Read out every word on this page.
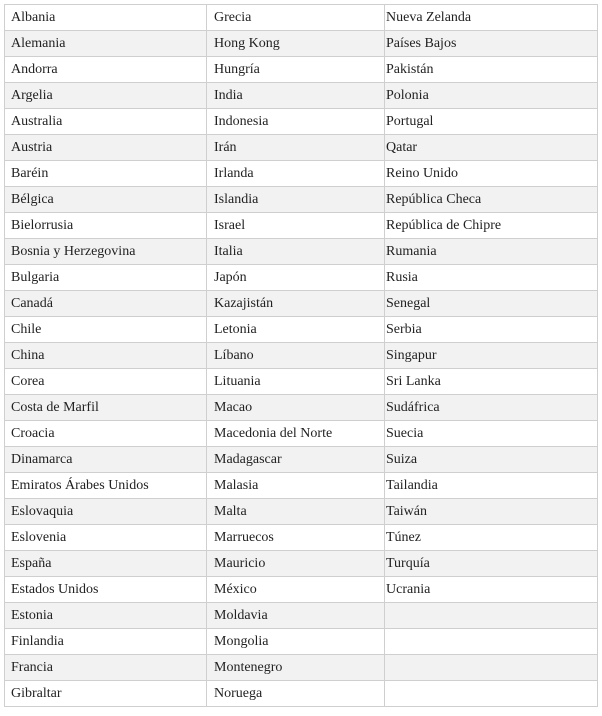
Albania	Grecia	Nueva Zelanda
Alemania	Hong Kong	Países Bajos
Andorra	Hungría	Pakistán
Argelia	India	Polonia
Australia	Indonesia	Portugal
Austria	Irán	Qatar
Baréin	Irlanda	Reino Unido
Bélgica	Islandia	República Checa
Bielorrusia	Israel	República de Chipre
Bosnia y Herzegovina	Italia	Rumania
Bulgaria	Japón	Rusia
Canadá	Kazajistán	Senegal
Chile	Letonia	Serbia
China	Líbano	Singapur
Corea	Lituania	Sri Lanka
Costa de Marfil	Macao	Sudáfrica
Croacia	Macedonia del Norte	Suecia
Dinamarca	Madagascar	Suiza
Emiratos Árabes Unidos	Malasia	Tailandia
Eslovaquia	Malta	Taiwán
Eslovenia	Marruecos	Túnez
España	Mauricio	Turquía
Estados Unidos	México	Ucrania
Estonia	Moldavia	
Finlandia	Mongolia	
Francia	Montenegro	
Gibraltar	Noruega	
